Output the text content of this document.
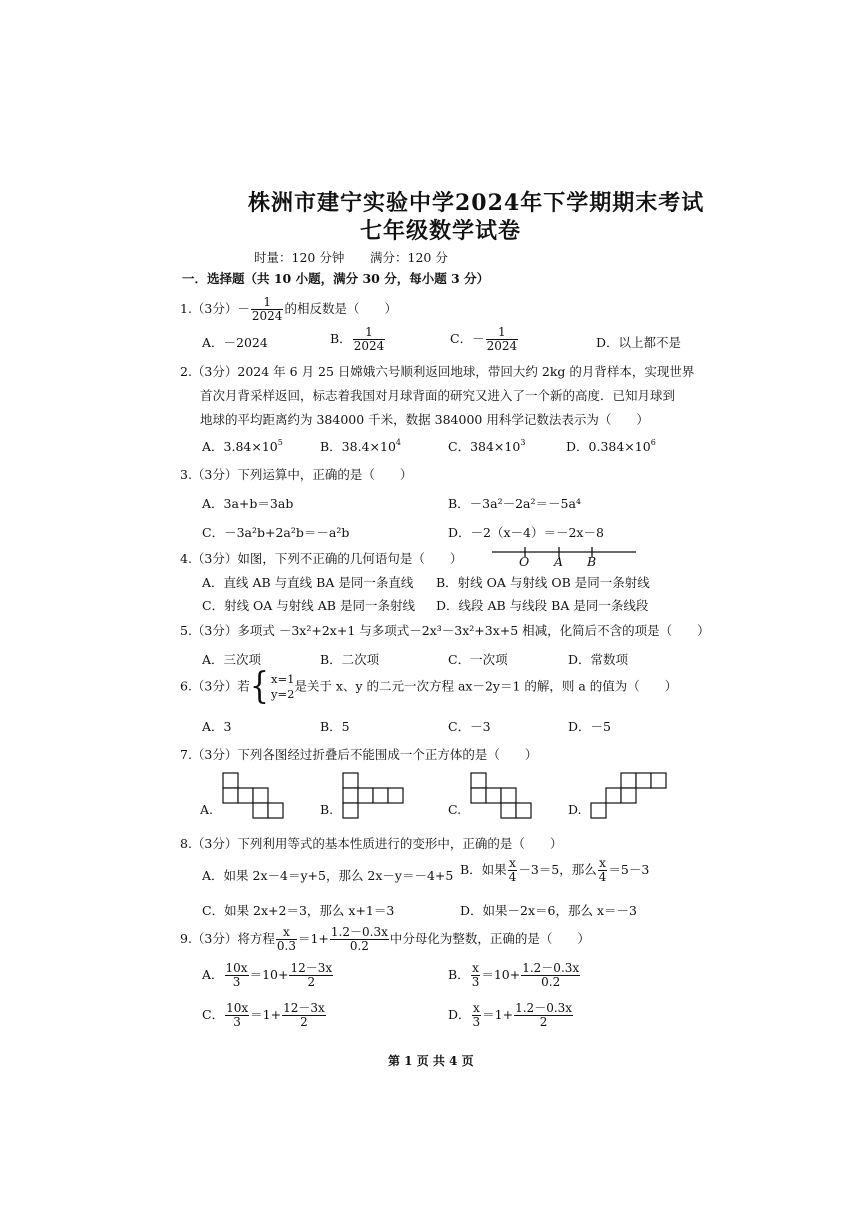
株洲市建宁实验中学2024年下学期期末考试
七年级数学试卷
时量：120 分钟 满分：120 分
一．选择题（共 10 小题，满分 30 分，每小题 3 分）
1.（3分）－ $\frac{1}{2024}$ 的相反数是（　　）
A．－2024	B． $\frac{1}{2024}$	C．－ $\frac{1}{2024}$	D．以上都不是
2.（3分）2024 年 6 月 25 日嫦娥六号顺利返回地球，带回大约 2kg 的月背样本，实现世界
首次月背采样返回，标志着我国对月球背面的研究又进入了一个新的高度．已知月球到
地球的平均距离约为 384000 千米，数据 384000 用科学记数法表示为（　　）
A．$3.84\times 10^5$	B．$38.4\times 10^4$	C．$384\times 10^3$	D．$0.384\times 10^6$
3.（3分）下列运算中，正确的是（　　）
A．3a+b＝3ab	B．－3a²－2a²＝－5a⁴
C．－3a²b+2a²b＝－a²b	D．－2（x－4）＝－2x－8
4.（3分）如图，下列不正确的几何语句是（　　）	O A B
A．直线 AB 与直线 BA 是同一条直线 B．射线 OA 与射线 OB 是同一条射线
C．射线 OA 与射线 AB 是同一条射线 D．线段 AB 与线段 BA 是同一条线段
5.（3分）多项式 －3x²+2x+1 与多项式－2x³－3x²+3x+5 相减，化简后不含的项是（　　）
A．三次项	B．二次项	C．一次项	D．常数项
6.（3分）若{ x=1
y=2是关于 x、y 的二元一次方程 ax－2y＝1 的解，则 a 的值为（　　）
A．3	B．5	C．－3	D．－5
7.（3分）下列各图经过折叠后不能围成一个正方体的是（　　）
A.	B.	C.	D.
8.（3分）下列利用等式的基本性质进行的变形中，正确的是（　　）
A．如果 2x－4＝y+5，那么 2x－y＝－4+5 B．如果 $\frac{x}{4} -3=5$，那么 $\frac{x}{4} =5-3$
C．如果 2x+2＝3，那么 x+1＝3	D．如果－2x＝6，那么 x＝－3
9.（3分）将方程 $\frac{x}{0.3} =1+ \frac{1.2-0.3x}{0.2}$ 中分母化为整数，正确的是（　　）
A． $\frac{10x}{3} =10+ \frac{12-3x}{2}$	B． $\frac{x}{3} =10+ \frac{1.2-0.3x}{0.2}$
C． $\frac{10x}{3} =1+ \frac{12-3x}{2}$	D． $\frac{x}{3} =1+ \frac{1.2-0.3x}{2}$
第 1 页 共 4 页
